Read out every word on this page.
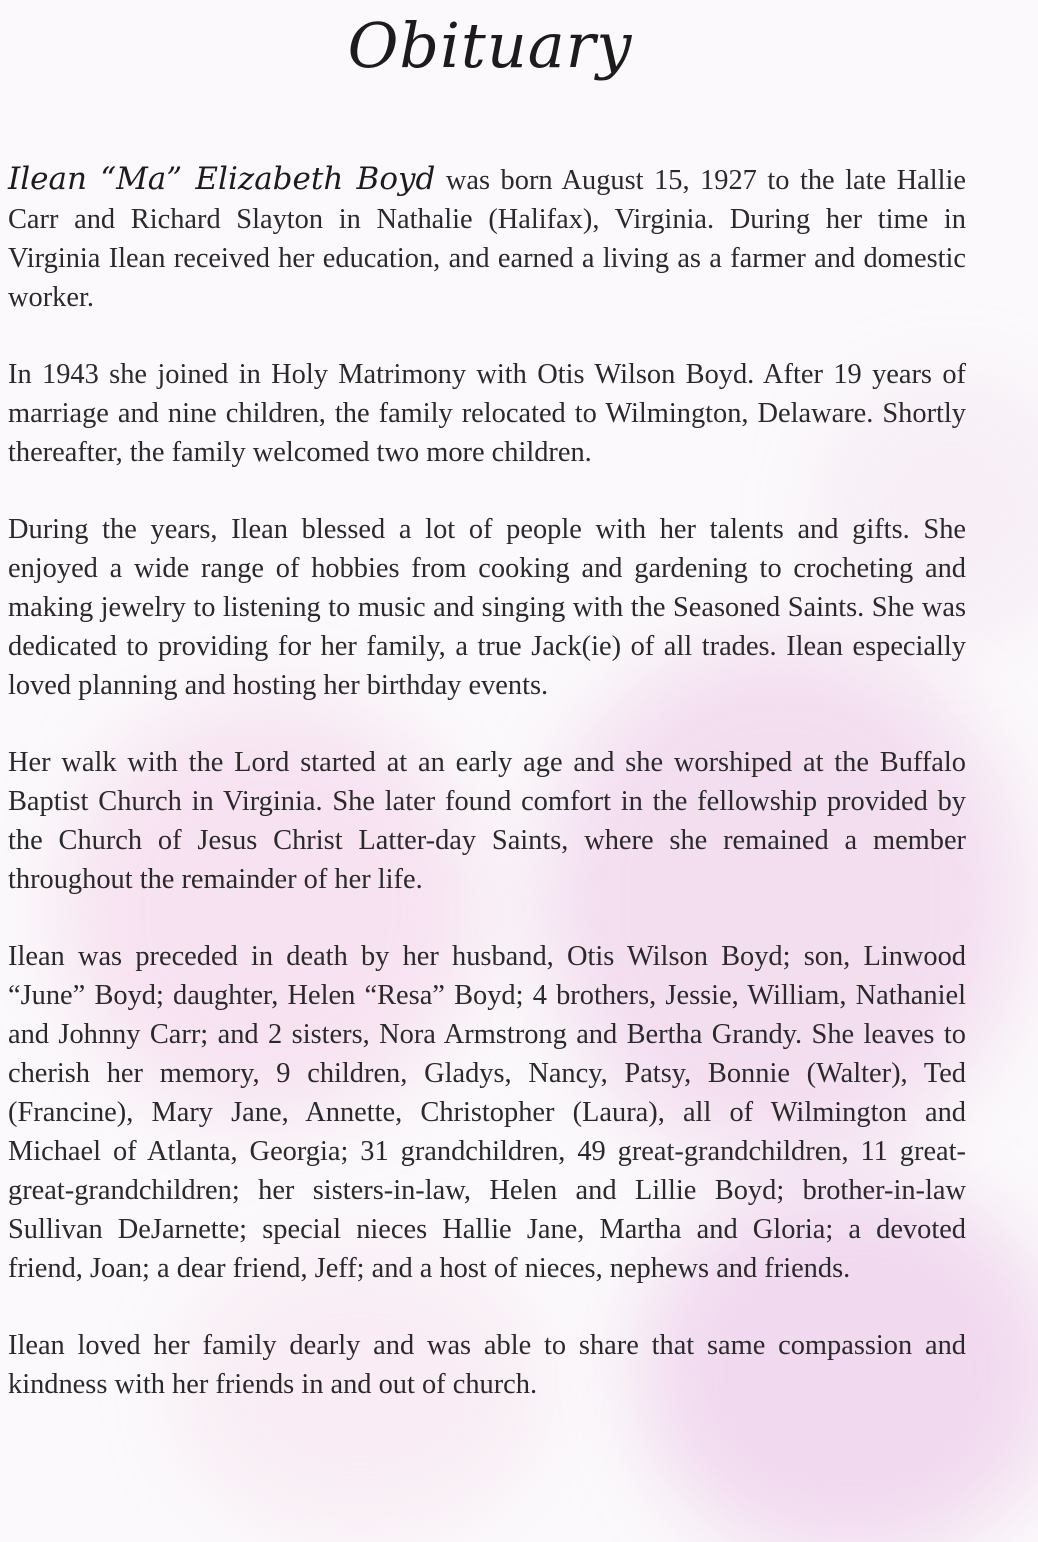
Obituary

Ilean “Ma” Elizabeth Boyd was born August 15, 1927 to the late Hallie Carr and Richard Slayton in Nathalie (Halifax), Virginia. During her time in Virginia Ilean received her education, and earned a living as a farmer and domestic worker.

In 1943 she joined in Holy Matrimony with Otis Wilson Boyd. After 19 years of marriage and nine children, the family relocated to Wilmington, Delaware. Shortly thereafter, the family welcomed two more children.

During the years, Ilean blessed a lot of people with her talents and gifts. She enjoyed a wide range of hobbies from cooking and gardening to crocheting and making jewelry to listening to music and singing with the Seasoned Saints. She was dedicated to providing for her family, a true Jack(ie) of all trades. Ilean especially loved planning and hosting her birthday events.

Her walk with the Lord started at an early age and she worshiped at the Buffalo Baptist Church in Virginia. She later found comfort in the fellowship provided by the Church of Jesus Christ Latter-day Saints, where she remained a member throughout the remainder of her life.

Ilean was preceded in death by her husband, Otis Wilson Boyd; son, Linwood “June” Boyd; daughter, Helen “Resa” Boyd; 4 brothers, Jessie, William, Nathaniel and Johnny Carr; and 2 sisters, Nora Armstrong and Bertha Grandy. She leaves to cherish her memory, 9 children, Gladys, Nancy, Patsy, Bonnie (Walter), Ted (Francine), Mary Jane, Annette, Christopher (Laura), all of Wilmington and Michael of Atlanta, Georgia; 31 grandchildren, 49 great-grandchildren, 11 great-great-grandchildren; her sisters-in-law, Helen and Lillie Boyd; brother-in-law Sullivan DeJarnette; special nieces Hallie Jane, Martha and Gloria; a devoted friend, Joan; a dear friend, Jeff; and a host of nieces, nephews and friends.

Ilean loved her family dearly and was able to share that same compassion and kindness with her friends in and out of church.
